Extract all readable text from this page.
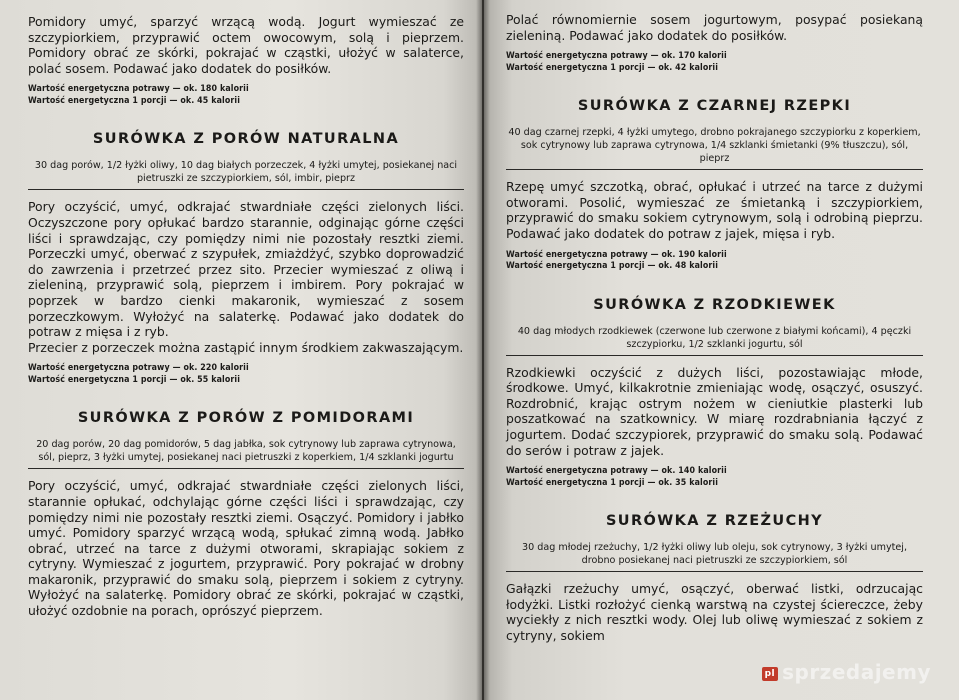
Pomidory umyć, sparzyć wrzącą wodą. Jogurt wymieszać ze szczypiorkiem, przyprawić octem owocowym, solą i pieprzem. Pomidory obrać ze skórki, pokrajać w cząstki, ułożyć w salaterce, polać sosem. Podawać jako dodatek do posiłków.

Wartość energetyczna potrawy — ok. 180 kalorii

Wartość energetyczna 1 porcji — ok. 45 kalorii

SURÓWKA Z PORÓW NATURALNA

30 dag porów, 1/2 łyżki oliwy, 10 dag białych porzeczek, 4 łyżki umytej, posiekanej naci pietruszki ze szczypiorkiem, sól, imbir, pieprz

Pory oczyścić, umyć, odkrajać stwardniałe części zielonych liści. Oczyszczone pory opłukać bardzo starannie, odginając górne części liści i sprawdzając, czy pomiędzy nimi nie pozostały resztki ziemi. Porzeczki umyć, oberwać z szypułek, zmiażdżyć, szybko doprowadzić do zawrzenia i przetrzeć przez sito. Przecier wymieszać z oliwą i zieleniną, przyprawić solą, pieprzem i imbirem. Pory pokrajać w poprzek w bardzo cienki makaronik, wymieszać z sosem porzeczkowym. Wyłożyć na salaterkę. Podawać jako dodatek do potraw z mięsa i z ryb.

Przecier z porzeczek można zastąpić innym środkiem zakwaszającym.

Wartość energetyczna potrawy — ok. 220 kalorii

Wartość energetyczna 1 porcji — ok. 55 kalorii

SURÓWKA Z PORÓW Z POMIDORAMI

20 dag porów, 20 dag pomidorów, 5 dag jabłka, sok cytrynowy lub zaprawa cytrynowa, sól, pieprz, 3 łyżki umytej, posiekanej naci pietruszki z koperkiem, 1/4 szklanki jogurtu

Pory oczyścić, umyć, odkrajać stwardniałe części zielonych liści, starannie opłukać, odchylając górne części liści i sprawdzając, czy pomiędzy nimi nie pozostały resztki ziemi. Osączyć. Pomidory i jabłko umyć. Pomidory sparzyć wrzącą wodą, spłukać zimną wodą. Jabłko obrać, utrzeć na tarce z dużymi otworami, skrapiając sokiem z cytryny. Wymieszać z jogurtem, przyprawić. Pory pokrajać w drobny makaronik, przyprawić do smaku solą, pieprzem i sokiem z cytryny. Wyłożyć na salaterkę. Pomidory obrać ze skórki, pokrajać w cząstki, ułożyć ozdobnie na porach, oprószyć pieprzem.

Polać równomiernie sosem jogurtowym, posypać posiekaną zieleniną. Podawać jako dodatek do posiłków.

Wartość energetyczna potrawy — ok. 170 kalorii

Wartość energetyczna 1 porcji — ok. 42 kalorii

SURÓWKA Z CZARNEJ RZEPKI

40 dag czarnej rzepki, 4 łyżki umytego, drobno pokrajanego szczypiorku z koperkiem, sok cytrynowy lub zaprawa cytrynowa, 1/4 szklanki śmietanki (9% tłuszczu), sól, pieprz

Rzepę umyć szczotką, obrać, opłukać i utrzeć na tarce z dużymi otworami. Posolić, wymieszać ze śmietanką i szczypiorkiem, przyprawić do smaku sokiem cytrynowym, solą i odrobiną pieprzu. Podawać jako dodatek do potraw z jajek, mięsa i ryb.

Wartość energetyczna potrawy — ok. 190 kalorii

Wartość energetyczna 1 porcji — ok. 48 kalorii

SURÓWKA Z RZODKIEWEK

40 dag młodych rzodkiewek (czerwone lub czerwone z białymi końcami), 4 pęczki szczypiorku, 1/2 szklanki jogurtu, sól

Rzodkiewki oczyścić z dużych liści, pozostawiając młode, środkowe. Umyć, kilkakrotnie zmieniając wodę, osączyć, osuszyć. Rozdrobnić, krając ostrym nożem w cieniutkie plasterki lub poszatkować na szatkownicy. W miarę rozdrabniania łączyć z jogurtem. Dodać szczypiorek, przyprawić do smaku solą. Podawać do serów i potraw z jajek.

Wartość energetyczna potrawy — ok. 140 kalorii

Wartość energetyczna 1 porcji — ok. 35 kalorii

SURÓWKA Z RZEŻUCHY

30 dag młodej rzeżuchy, 1/2 łyżki oliwy lub oleju, sok cytrynowy, 3 łyżki umytej, drobno posiekanej naci pietruszki ze szczypiorkiem, sól

Gałązki rzeżuchy umyć, osączyć, oberwać listki, odrzucając łodyżki. Listki rozłożyć cienką warstwą na czystej ściereczce, żeby wyciekły z nich resztki wody. Olej lub oliwę wymieszać z sokiem z cytryny, sokiem

pl sprzedajemy
